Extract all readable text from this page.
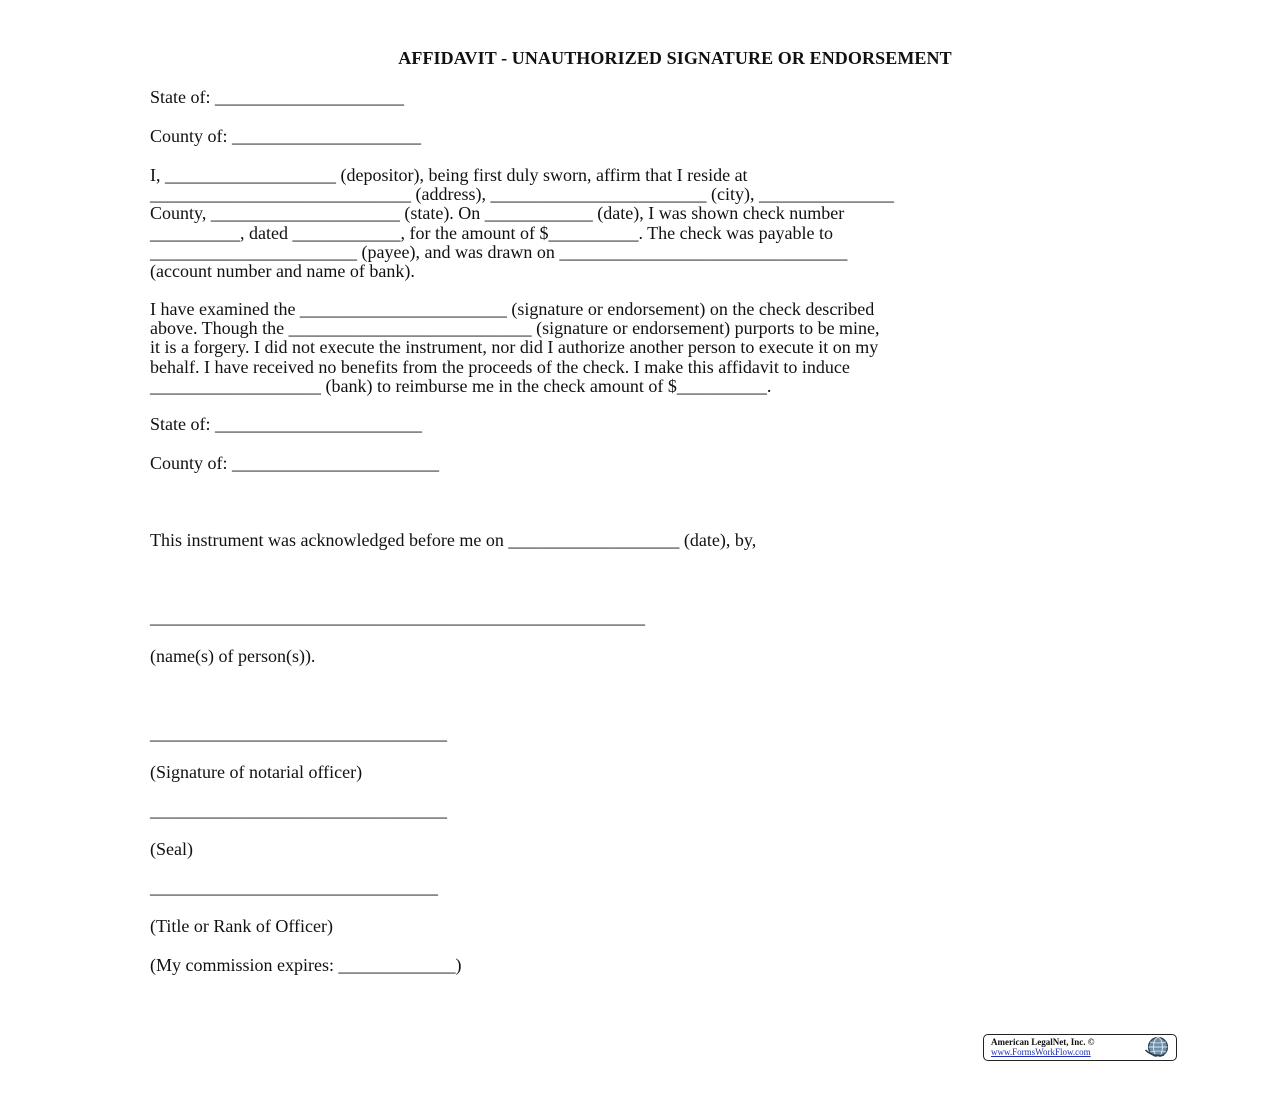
AFFIDAVIT - UNAUTHORIZED SIGNATURE OR ENDORSEMENT

State of: _____________________

County of: _____________________

I, ___________________ (depositor), being first duly sworn, affirm that I reside at
_____________________________ (address), ________________________ (city), _______________
County, _____________________ (state). On ____________ (date), I was shown check number
__________, dated ____________, for the amount of $__________. The check was payable to
_______________________ (payee), and was drawn on ________________________________
(account number and name of bank).
I have examined the _______________________ (signature or endorsement) on the check described
above. Though the ___________________________ (signature or endorsement) purports to be mine,
it is a forgery. I did not execute the instrument, nor did I authorize another person to execute it on my
behalf. I have received no benefits from the proceeds of the check. I make this affidavit to induce
___________________ (bank) to reimburse me in the check amount of $__________.

State of: _______________________

County of: _______________________

This instrument was acknowledged before me on ___________________ (date), by,

_______________________________________________________

(name(s) of person(s)).

_________________________________

(Signature of notarial officer)

_________________________________

(Seal)

________________________________

(Title or Rank of Officer)

(My commission expires: _____________)

American LegalNet, Inc. ©
www.FormsWorkFlow.com
